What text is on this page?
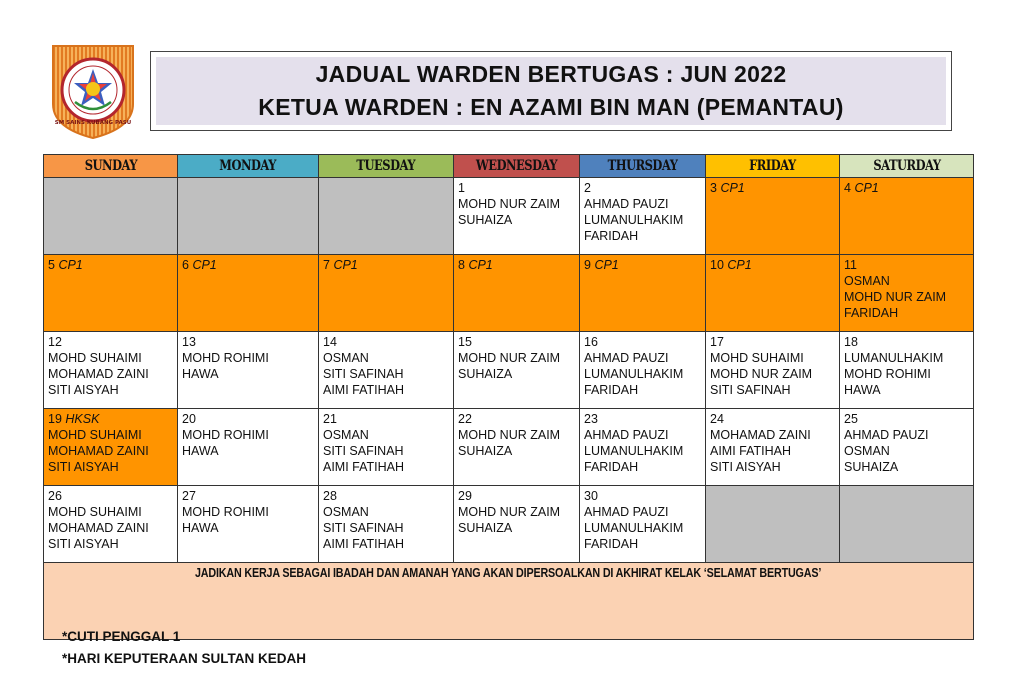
SM SAINS KUBANG PASU
JADUAL WARDEN BERTUGAS : JUN 2022
KETUA WARDEN : EN AZAMI BIN MAN (PEMANTAU)
SUNDAY	MONDAY	TUESDAY	WEDNESDAY	THURSDAY	FRIDAY	SATURDAY

			1
MOHD NUR ZAIM
SUHAIZA	2
AHMAD PAUZI
LUMANULHAKIM
FARIDAH	3 CP1	4 CP1

5 CP1	6 CP1	7 CP1	8 CP1	9 CP1	10 CP1	11
OSMAN
MOHD NUR ZAIM
FARIDAH

12
MOHD SUHAIMI
MOHAMAD ZAINI
SITI AISYAH	13
MOHD ROHIMI
HAWA	14
OSMAN
SITI SAFINAH
AIMI FATIHAH	15
MOHD NUR ZAIM
SUHAIZA	16
AHMAD PAUZI
LUMANULHAKIM
FARIDAH	17
MOHD SUHAIMI
MOHD NUR ZAIM
SITI SAFINAH	18
LUMANULHAKIM
MOHD ROHIMI
HAWA

19 HKSK
MOHD SUHAIMI
MOHAMAD ZAINI
SITI AISYAH	20
MOHD ROHIMI
HAWA	21
OSMAN
SITI SAFINAH
AIMI FATIHAH	22
MOHD NUR ZAIM
SUHAIZA	23
AHMAD PAUZI
LUMANULHAKIM
FARIDAH	24
MOHAMAD ZAINI
AIMI FATIHAH
SITI AISYAH	25
AHMAD PAUZI
OSMAN
SUHAIZA

26
MOHD SUHAIMI
MOHAMAD ZAINI
SITI AISYAH	27
MOHD ROHIMI
HAWA	28
OSMAN
SITI SAFINAH
AIMI FATIHAH	29
MOHD NUR ZAIM
SUHAIZA	30
AHMAD PAUZI
LUMANULHAKIM
FARIDAH		

JADIKAN KERJA SEBAGAI IBADAH DAN AMANAH YANG AKAN DIPERSOALKAN DI AKHIRAT KELAK ‘SELAMAT BERTUGAS’						
*CUTI PENGGAL 1
*HARI KEPUTERAAN SULTAN KEDAH
